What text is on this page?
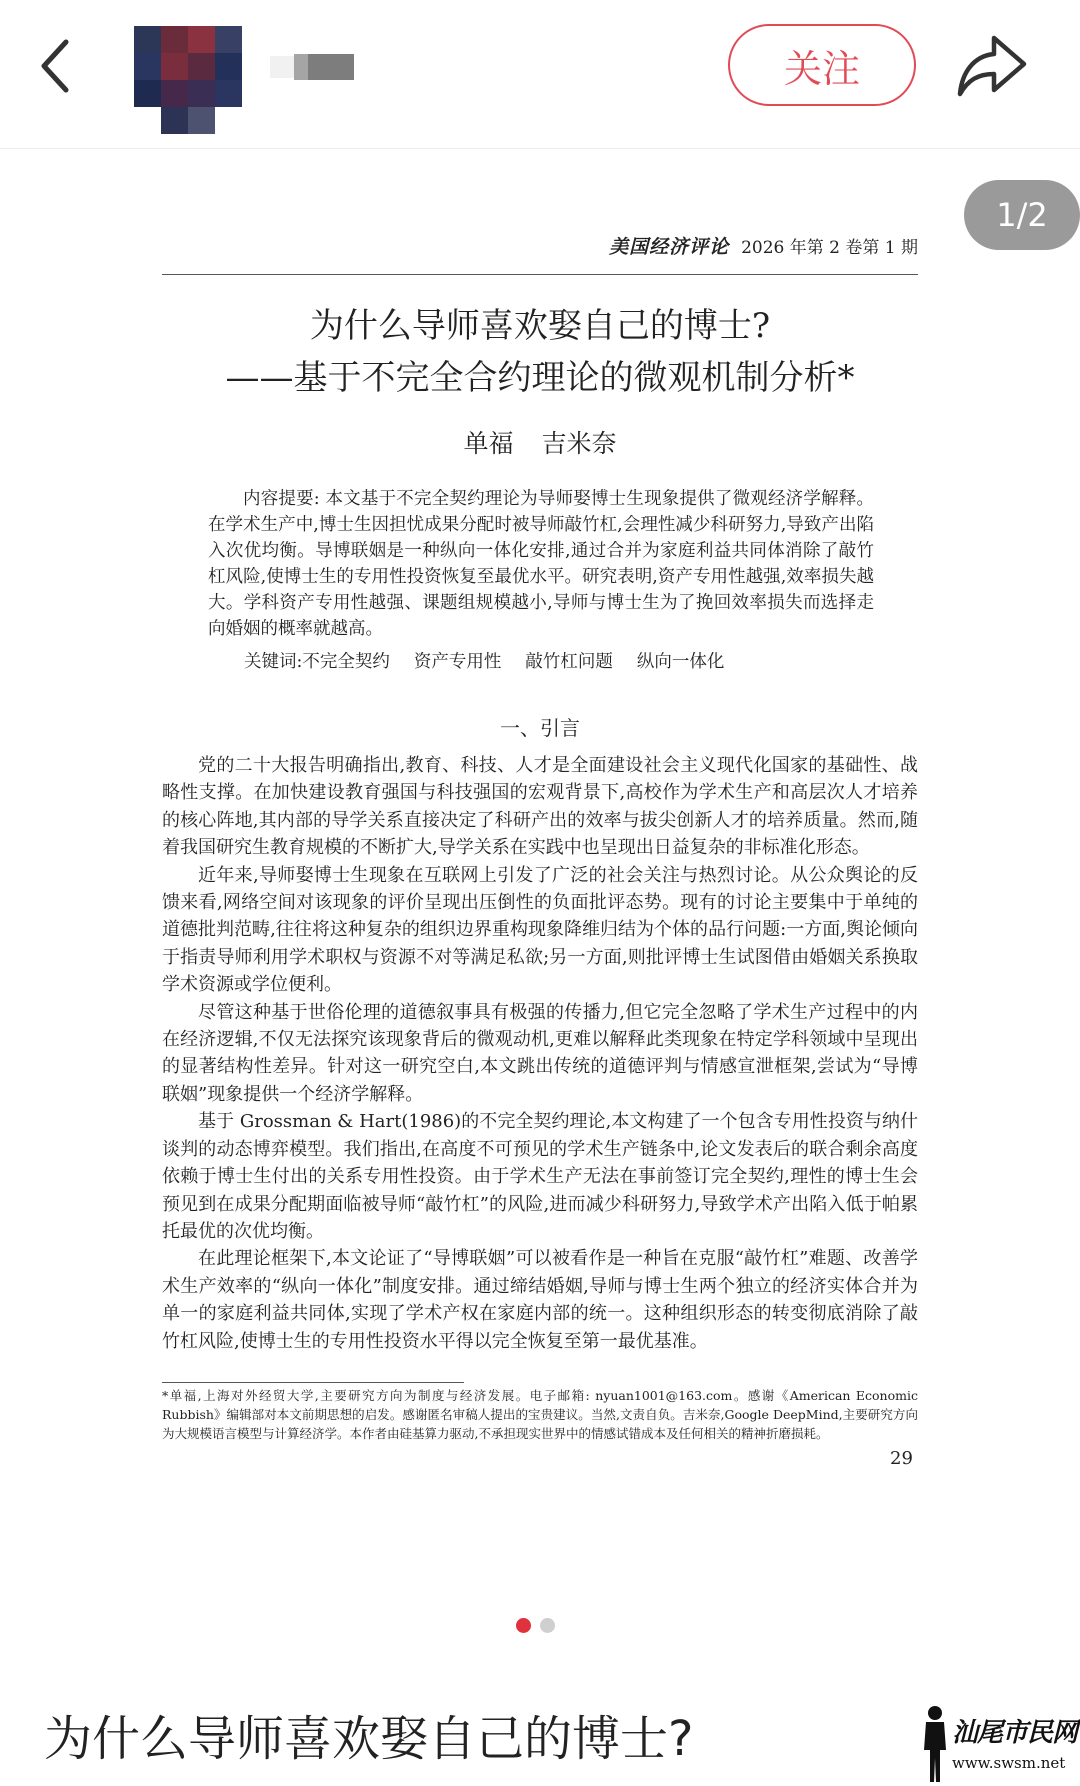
关注
美国经济评论 2026 年第 2 卷第 1 期
为什么导师喜欢娶自己的博士?
——基于不完全合约理论的微观机制分析*
单福 吉米奈
内容提要: 本文基于不完全契约理论为导师娶博士生现象提供了微观经济学解释。在学术生产中,博士生因担忧成果分配时被导师敲竹杠,会理性减少科研努力,导致产出陷入次优均衡。导博联姻是一种纵向一体化安排,通过合并为家庭利益共同体消除了敲竹杠风险,使博士生的专用性投资恢复至最优水平。研究表明,资产专用性越强,效率损失越大。学科资产专用性越强、课题组规模越小,导师与博士生为了挽回效率损失而选择走向婚姻的概率就越高。
关键词:不完全契约 资产专用性 敲竹杠问题 纵向一体化
一、引言

党的二十大报告明确指出,教育、科技、人才是全面建设社会主义现代化国家的基础性、战略性支撑。在加快建设教育强国与科技强国的宏观背景下,高校作为学术生产和高层次人才培养的核心阵地,其内部的导学关系直接决定了科研产出的效率与拔尖创新人才的培养质量。然而,随着我国研究生教育规模的不断扩大,导学关系在实践中也呈现出日益复杂的非标准化形态。

近年来,导师娶博士生现象在互联网上引发了广泛的社会关注与热烈讨论。从公众舆论的反馈来看,网络空间对该现象的评价呈现出压倒性的负面批评态势。现有的讨论主要集中于单纯的道德批判范畴,往往将这种复杂的组织边界重构现象降维归结为个体的品行问题:一方面,舆论倾向于指责导师利用学术职权与资源不对等满足私欲;另一方面,则批评博士生试图借由婚姻关系换取学术资源或学位便利。

尽管这种基于世俗伦理的道德叙事具有极强的传播力,但它完全忽略了学术生产过程中的内在经济逻辑,不仅无法探究该现象背后的微观动机,更难以解释此类现象在特定学科领域中呈现出的显著结构性差异。针对这一研究空白,本文跳出传统的道德评判与情感宣泄框架,尝试为“导博联姻”现象提供一个经济学解释。

基于 Grossman & Hart(1986)的不完全契约理论,本文构建了一个包含专用性投资与纳什谈判的动态博弈模型。我们指出,在高度不可预见的学术生产链条中,论文发表后的联合剩余高度依赖于博士生付出的关系专用性投资。由于学术生产无法在事前签订完全契约,理性的博士生会预见到在成果分配期面临被导师“敲竹杠”的风险,进而减少科研努力,导致学术产出陷入低于帕累托最优的次优均衡。

在此理论框架下,本文论证了“导博联姻”可以被看作是一种旨在克服“敲竹杠”难题、改善学术生产效率的“纵向一体化”制度安排。通过缔结婚姻,导师与博士生两个独立的经济实体合并为单一的家庭利益共同体,实现了学术产权在家庭内部的统一。这种组织形态的转变彻底消除了敲竹杠风险,使博士生的专用性投资水平得以完全恢复至第一最优基准。

*单福,上海对外经贸大学,主要研究方向为制度与经济发展。电子邮箱: nyuan1001@163.com。感谢《American Economic Rubbish》编辑部对本文前期思想的启发。感谢匿名审稿人提出的宝贵建议。当然,文责自负。吉米奈,Google DeepMind,主要研究方向为大规模语言模型与计算经济学。本作者由硅基算力驱动,不承担现实世界中的情感试错成本及任何相关的精神折磨损耗。
29
1/2
为什么导师喜欢娶自己的博士?	汕尾市民网
www.swsm.net
